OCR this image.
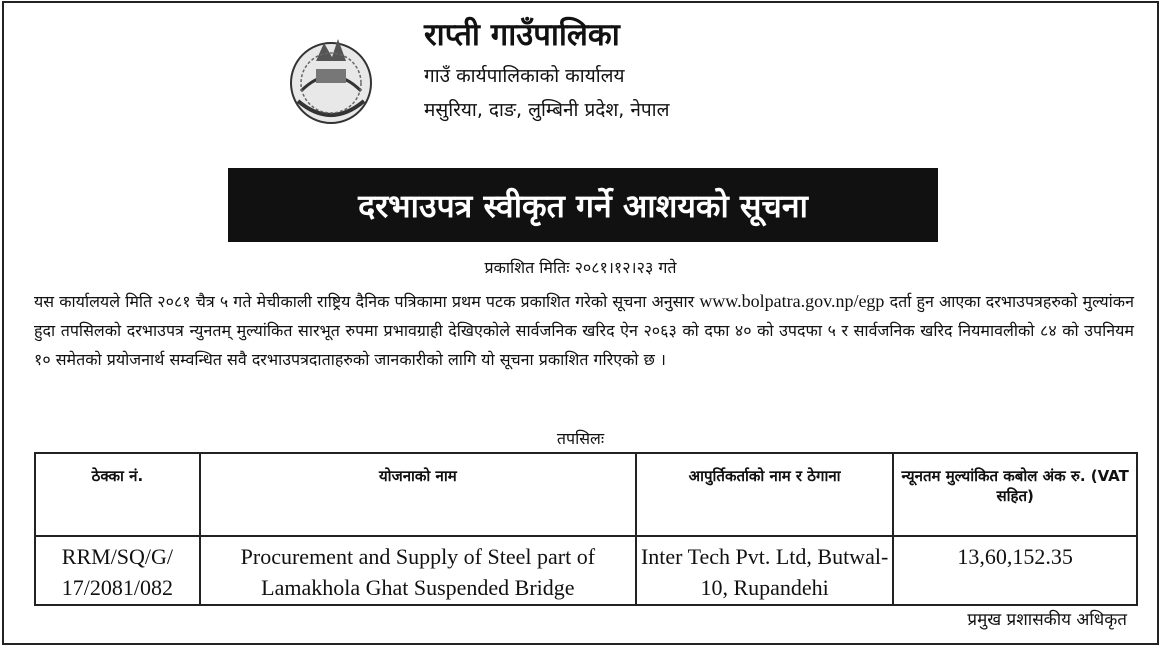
राप्ती गाउँपालिका

गाउँ कार्यपालिकाको कार्यालय

मसुरिया, दाङ, लुम्बिनी प्रदेश, नेपाल

दरभाउपत्र स्वीकृत गर्ने आशयको सूचना
प्रकाशित मितिः २०८१।१२।२३ गते
यस कार्यालयले मिति २०८१ चैत्र ५ गते मेचीकाली राष्ट्रिय दैनिक पत्रिकामा प्रथम पटक प्रकाशित गरेको सूचना अनुसार www.bolpatra.gov.np/egp दर्ता हुन आएका दरभाउपत्रहरुको मुल्यांकन हुदा तपसिलको दरभाउपत्र न्युनतम् मुल्यांकित सारभूत रुपमा प्रभावग्राही देखिएकोले सार्वजनिक खरिद ऐन २०६३ को दफा ४० को उपदफा ५ र सार्वजनिक खरिद नियमावलीको ८४ को उपनियम १० समेतको प्रयोजनार्थ सम्वन्धित सवै दरभाउपत्रदाताहरुको जानकारीको लागि यो सूचना प्रकाशित गरिएको छ ।
तपसिलः
ठेक्का नं.	योजनाको नाम	आपुर्तिकर्ताको नाम र ठेगाना	न्यूनतम मुल्यांकित कबोल अंक रु. (VAT सहित)
RRM/SQ/G/ 17/2081/082	Procurement and Supply of Steel part of Lamakhola Ghat Suspended Bridge	Inter Tech Pvt. Ltd, Butwal-10, Rupandehi	13,60,152.35
प्रमुख प्रशासकीय अधिकृत
